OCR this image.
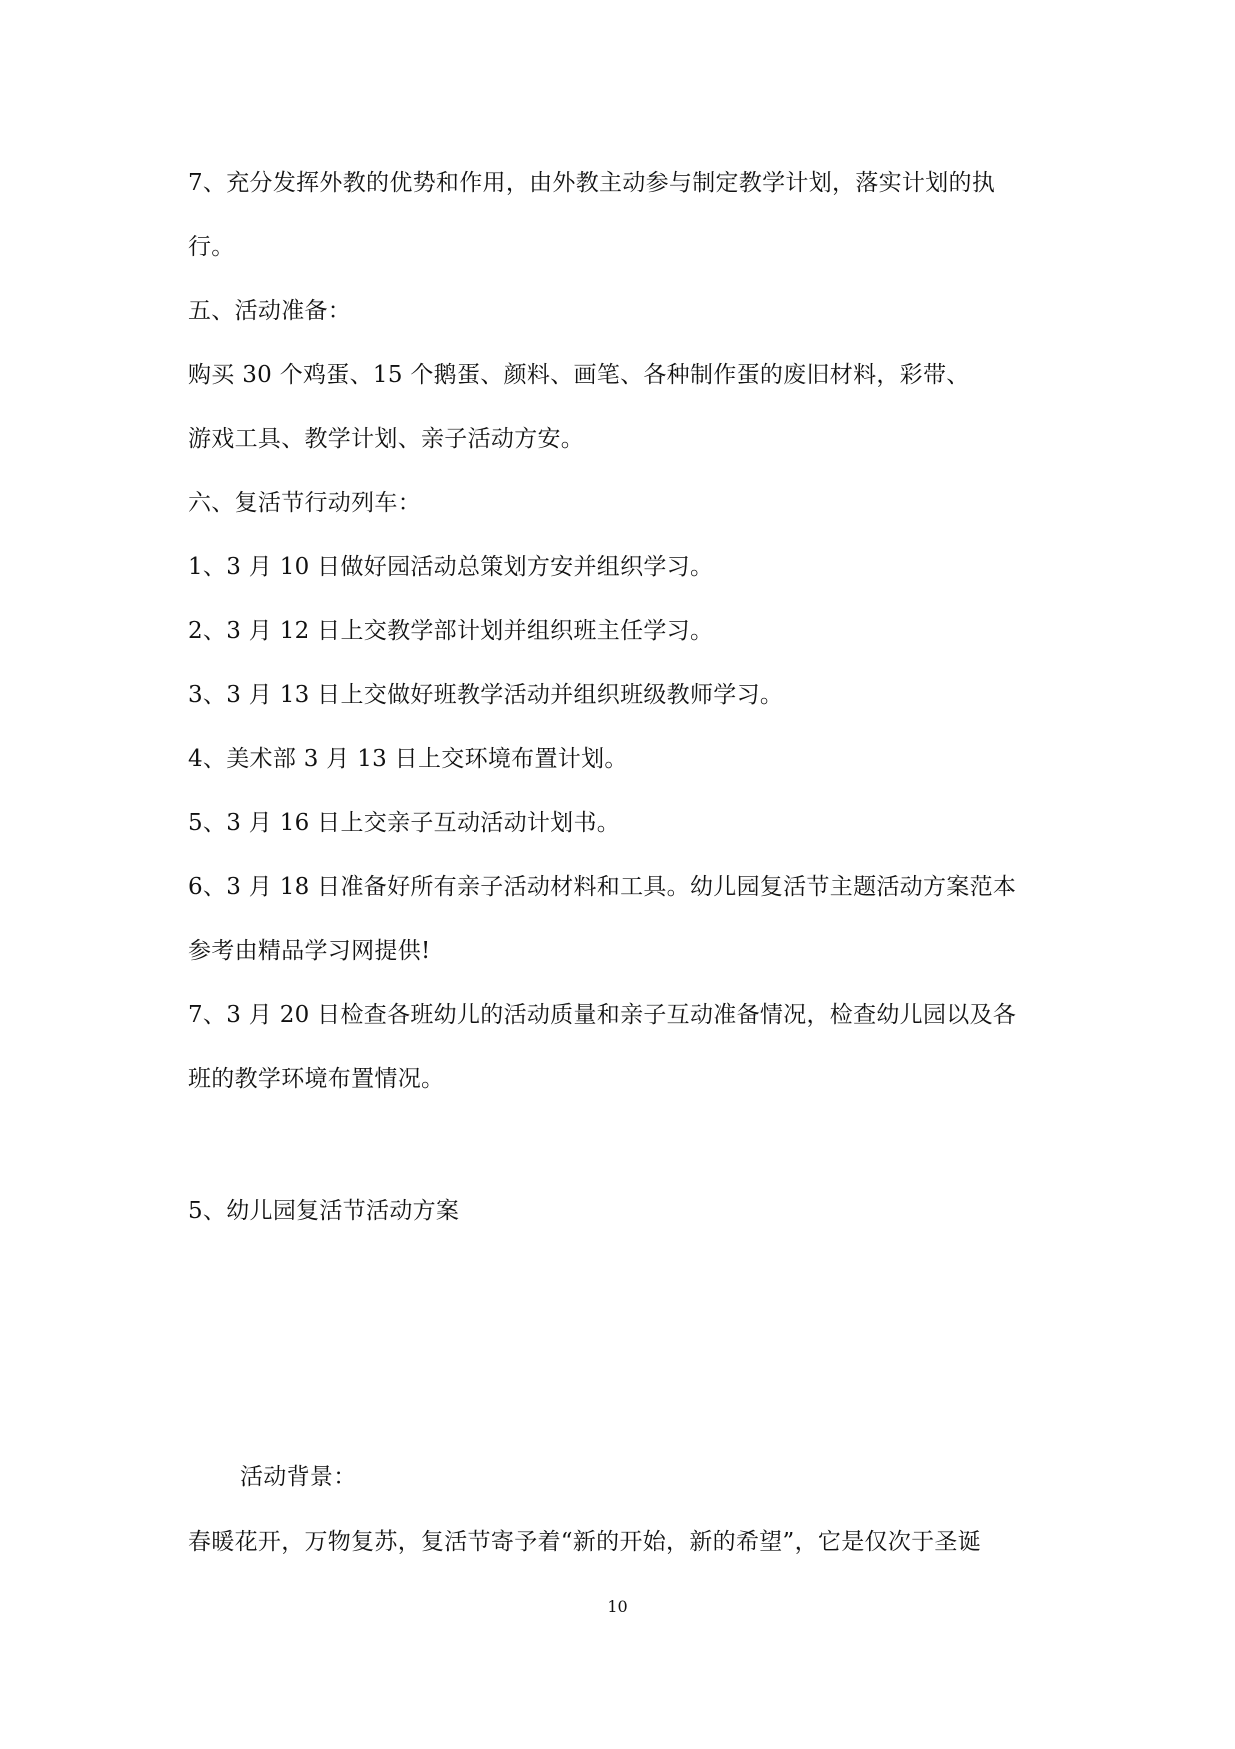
7、充分发挥外教的优势和作用，由外教主动参与制定教学计划，落实计划的执
行。
五、活动准备：
购买 30 个鸡蛋、15 个鹅蛋、颜料、画笔、各种制作蛋的废旧材料，彩带、
游戏工具、教学计划、亲子活动方安。
六、复活节行动列车：
1、3 月 10 日做好园活动总策划方安并组织学习。
2、3 月 12 日上交教学部计划并组织班主任学习。
3、3 月 13 日上交做好班教学活动并组织班级教师学习。
4、美术部 3 月 13 日上交环境布置计划。
5、3 月 16 日上交亲子互动活动计划书。
6、3 月 18 日准备好所有亲子活动材料和工具。幼儿园复活节主题活动方案范本
参考由精品学习网提供!
7、3 月 20 日检查各班幼儿的活动质量和亲子互动准备情况，检查幼儿园以及各
班的教学环境布置情况。
5、幼儿园复活节活动方案
活动背景：
春暖花开，万物复苏，复活节寄予着“新的开始，新的希望”，它是仅次于圣诞
10
